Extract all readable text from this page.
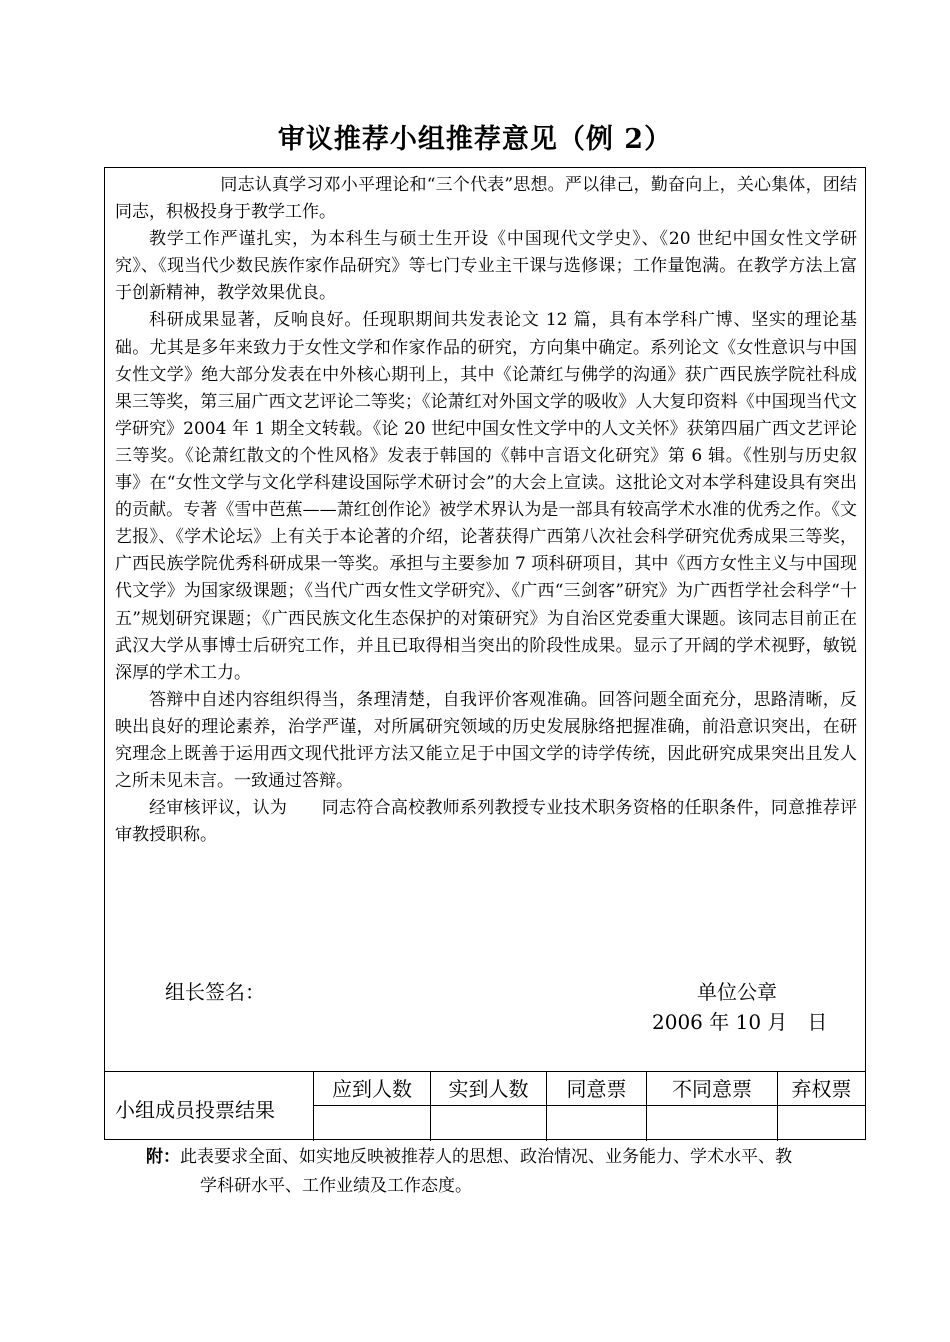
审议推荐小组推荐意见（例 2）

同志认真学习邓小平理论和“三个代表”思想。严以律己，勤奋向上，关心集体，团结同志，积极投身于教学工作。

教学工作严谨扎实，为本科生与硕士生开设《中国现代文学史》、《20 世纪中国女性文学研究》、《现当代少数民族作家作品研究》等七门专业主干课与选修课；工作量饱满。在教学方法上富于创新精神，教学效果优良。

科研成果显著，反响良好。任现职期间共发表论文 12 篇，具有本学科广博、坚实的理论基础。尤其是多年来致力于女性文学和作家作品的研究，方向集中确定。系列论文《女性意识与中国女性文学》绝大部分发表在中外核心期刊上，其中《论萧红与佛学的沟通》获广西民族学院社科成果三等奖，第三届广西文艺评论二等奖；《论萧红对外国文学的吸收》人大复印资料《中国现当代文学研究》2004 年 1 期全文转载。《论 20 世纪中国女性文学中的人文关怀》获第四届广西文艺评论三等奖。《论萧红散文的个性风格》发表于韩国的《韩中言语文化研究》第 6 辑。《性别与历史叙事》在“女性文学与文化学科建设国际学术研讨会”的大会上宣读。这批论文对本学科建设具有突出的贡献。专著《雪中芭蕉——萧红创作论》被学术界认为是一部具有较高学术水准的优秀之作。《文艺报》、《学术论坛》上有关于本论著的介绍，论著获得广西第八次社会科学研究优秀成果三等奖，广西民族学院优秀科研成果一等奖。承担与主要参加 7 项科研项目，其中《西方女性主义与中国现代文学》为国家级课题；《当代广西女性文学研究》、《广西“三剑客”研究》为广西哲学社会科学“十五”规划研究课题；《广西民族文化生态保护的对策研究》为自治区党委重大课题。该同志目前正在武汉大学从事博士后研究工作，并且已取得相当突出的阶段性成果。显示了开阔的学术视野，敏锐深厚的学术工力。

答辩中自述内容组织得当，条理清楚，自我评价客观准确。回答问题全面充分，思路清晰，反映出良好的理论素养，治学严谨，对所属研究领域的历史发展脉络把握准确，前沿意识突出，在研究理念上既善于运用西文现代批评方法又能立足于中国文学的诗学传统，因此研究成果突出且发人之所未见未言。一致通过答辩。

经审核评议，认为　　同志符合高校教师系列教授专业技术职务资格的任职条件，同意推荐评审教授职称。

组长签名：	单位公章
2006 年 10 月　日
小组成员投票结果
应到人数	实到人数	同意票	不同意票	弃权票
附：此表要求全面、如实地反映被推荐人的思想、政治情况、业务能力、学术水平、教
学科研水平、工作业绩及工作态度。
